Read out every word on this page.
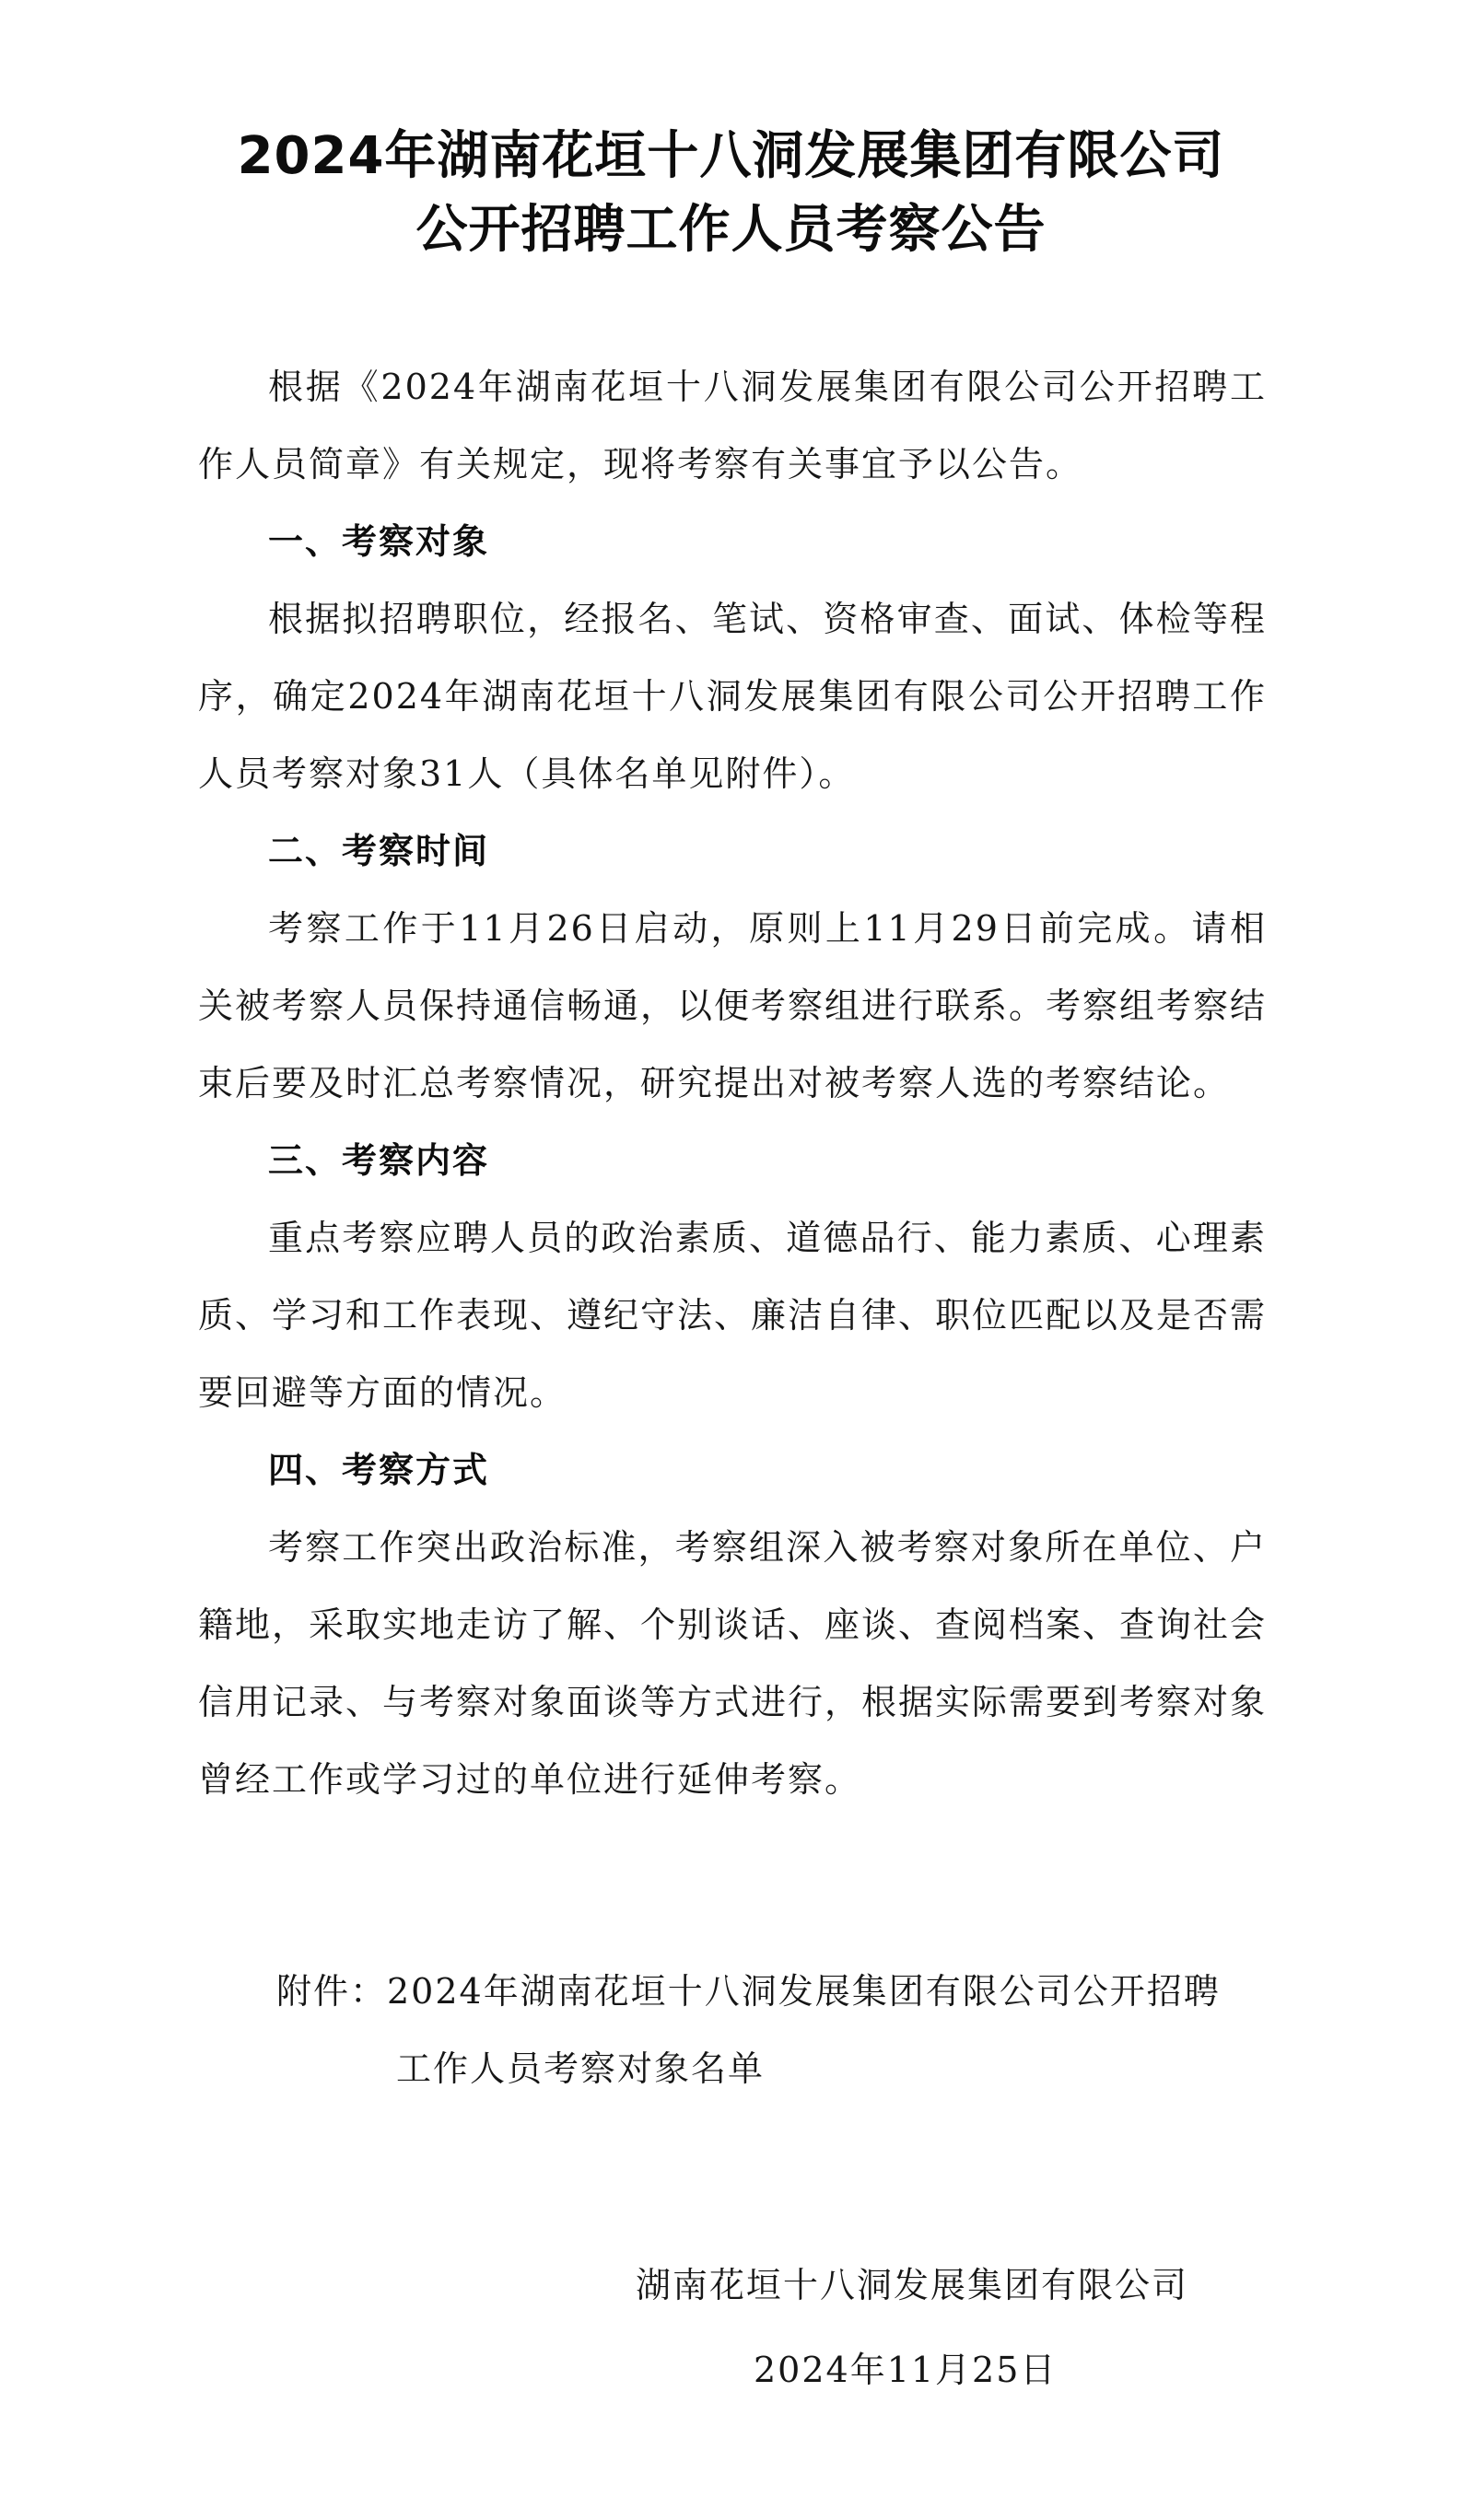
2024年湖南花垣十八洞发展集团有限公司
公开招聘工作人员考察公告

根据《2024年湖南花垣十八洞发展集团有限公司公开招聘工作人员简章》有关规定，现将考察有关事宜予以公告。

一、考察对象

根据拟招聘职位，经报名、笔试、资格审查、面试、体检等程序，确定2024年湖南花垣十八洞发展集团有限公司公开招聘工作人员考察对象31人（具体名单见附件）。

二、考察时间

考察工作于11月26日启动，原则上11月29日前完成。请相关被考察人员保持通信畅通，以便考察组进行联系。考察组考察结束后要及时汇总考察情况，研究提出对被考察人选的考察结论。

三、考察内容

重点考察应聘人员的政治素质、道德品行、能力素质、心理素质、学习和工作表现、遵纪守法、廉洁自律、职位匹配以及是否需要回避等方面的情况。

四、考察方式

考察工作突出政治标准，考察组深入被考察对象所在单位、户籍地，采取实地走访了解、个别谈话、座谈、查阅档案、查询社会信用记录、与考察对象面谈等方式进行，根据实际需要到考察对象曾经工作或学习过的单位进行延伸考察。

附件：2024年湖南花垣十八洞发展集团有限公司公开招聘
工作人员考察对象名单
湖南花垣十八洞发展集团有限公司
2024年11月25日
